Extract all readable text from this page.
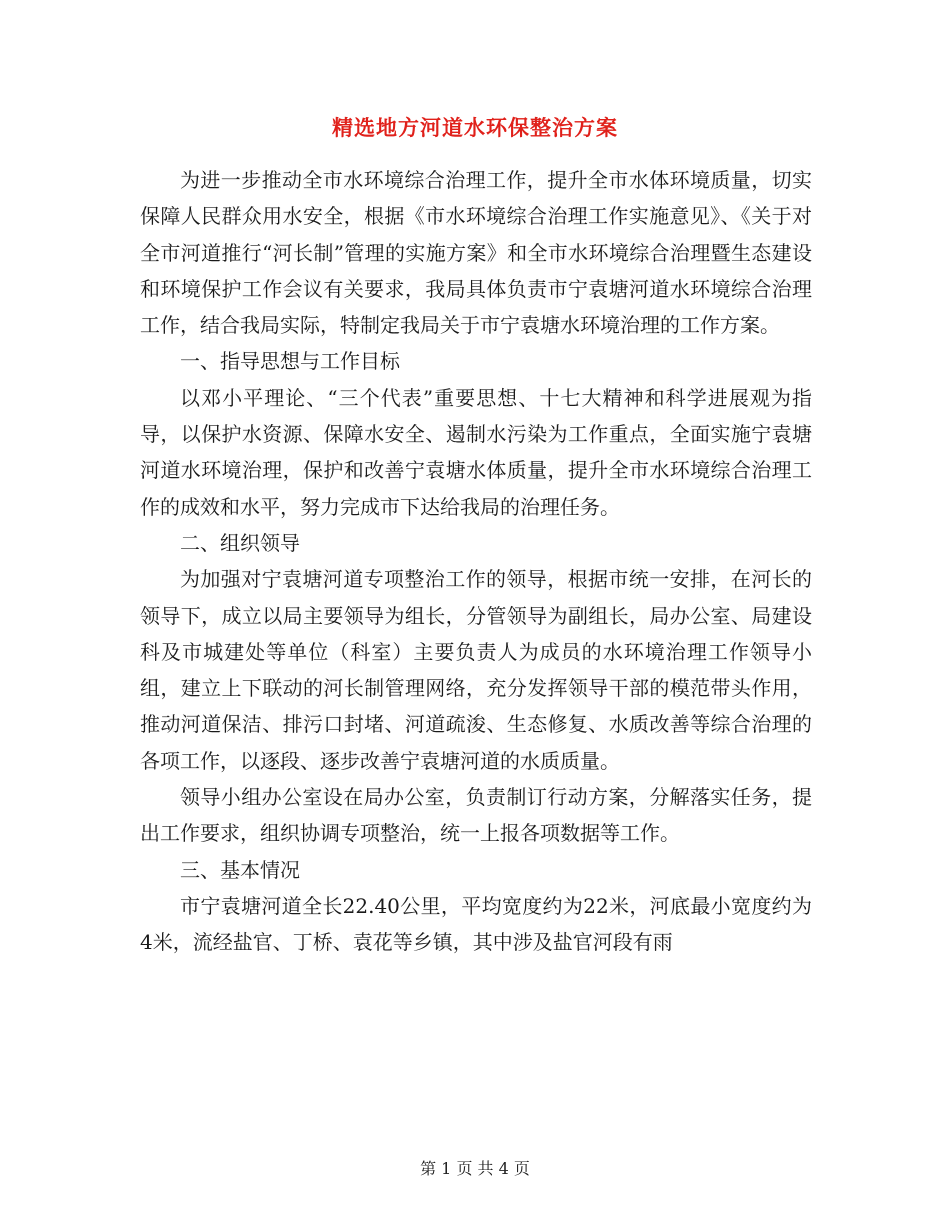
精选地方河道水环保整治方案

为进一步推动全市水环境综合治理工作，提升全市水体环境质量，切实保障人民群众用水安全，根据《市水环境综合治理工作实施意见》、《关于对全市河道推行“河长制”管理的实施方案》和全市水环境综合治理暨生态建设和环境保护工作会议有关要求，我局具体负责市宁袁塘河道水环境综合治理工作，结合我局实际，特制定我局关于市宁袁塘水环境治理的工作方案。

一、指导思想与工作目标

以邓小平理论、“三个代表”重要思想、十七大精神和科学进展观为指导，以保护水资源、保障水安全、遏制水污染为工作重点，全面实施宁袁塘河道水环境治理，保护和改善宁袁塘水体质量，提升全市水环境综合治理工作的成效和水平，努力完成市下达给我局的治理任务。

二、组织领导

为加强对宁袁塘河道专项整治工作的领导，根据市统一安排，在河长的领导下，成立以局主要领导为组长，分管领导为副组长，局办公室、局建设科及市城建处等单位（科室）主要负责人为成员的水环境治理工作领导小组，建立上下联动的河长制管理网络，充分发挥领导干部的模范带头作用，推动河道保洁、排污口封堵、河道疏浚、生态修复、水质改善等综合治理的各项工作，以逐段、逐步改善宁袁塘河道的水质质量。

领导小组办公室设在局办公室，负责制订行动方案，分解落实任务，提出工作要求，组织协调专项整治，统一上报各项数据等工作。

三、基本情况

市宁袁塘河道全长22.40公里，平均宽度约为22米，河底最小宽度约为4米，流经盐官、丁桥、袁花等乡镇，其中涉及盐官河段有雨

第 1 页 共 4 页
